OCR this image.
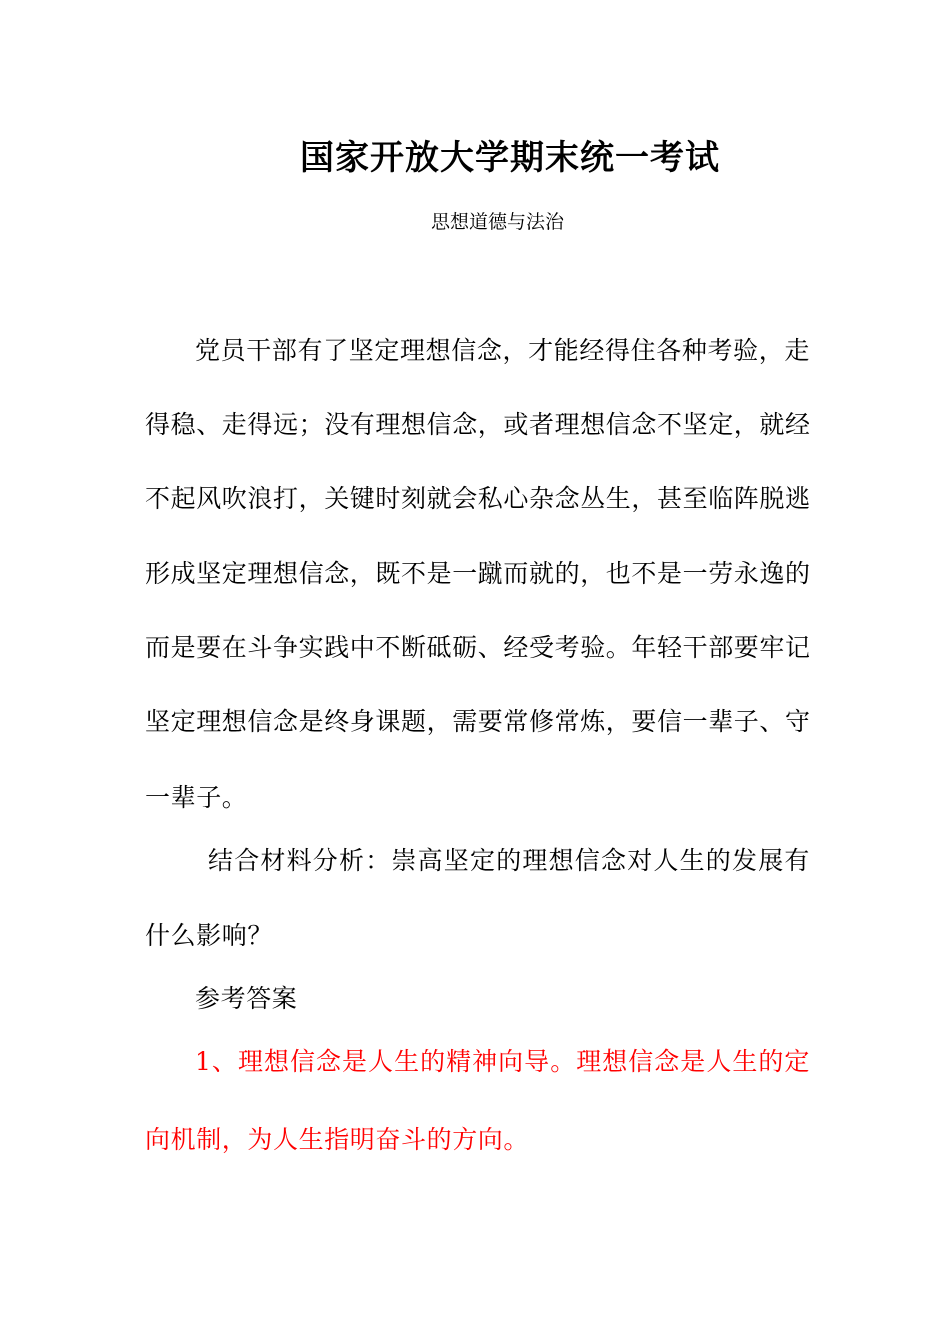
国家开放大学期末统一考试
思想道德与法治
党员干部有了坚定理想信念，才能经得住各种考验，走
得稳、走得远；没有理想信念，或者理想信念不坚定，就经
不起风吹浪打，关键时刻就会私心杂念丛生，甚至临阵脱逃
形成坚定理想信念，既不是一蹴而就的，也不是一劳永逸的
而是要在斗争实践中不断砥砺、经受考验。年轻干部要牢记
坚定理想信念是终身课题，需要常修常炼，要信一辈子、守
一辈子。
结合材料分析：崇高坚定的理想信念对人生的发展有
什么影响？
参考答案
1、理想信念是人生的精神向导。理想信念是人生的定
向机制，为人生指明奋斗的方向。
